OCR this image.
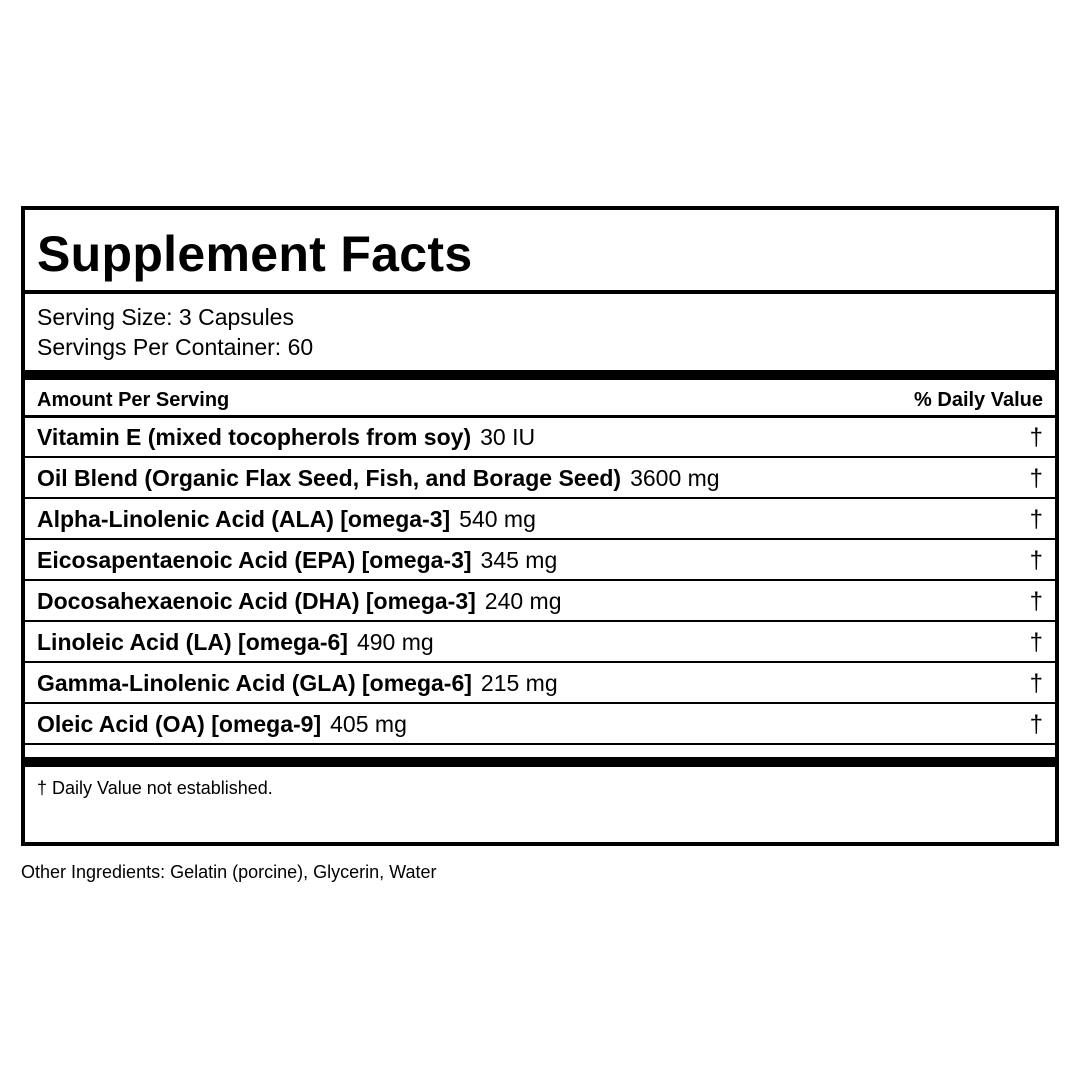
Supplement Facts
Serving Size: 3 Capsules
Servings Per Container: 60
Amount Per Serving	% Daily Value
Vitamin E (mixed tocopherols from soy) 30 IU	†
Oil Blend (Organic Flax Seed, Fish, and Borage Seed) 3600 mg	†
Alpha-Linolenic Acid (ALA) [omega-3] 540 mg	†
Eicosapentaenoic Acid (EPA) [omega-3] 345 mg	†
Docosahexaenoic Acid (DHA) [omega-3] 240 mg	†
Linoleic Acid (LA) [omega-6] 490 mg	†
Gamma-Linolenic Acid (GLA) [omega-6] 215 mg	†
Oleic Acid (OA) [omega-9] 405 mg	†
† Daily Value not established.
Other Ingredients: Gelatin (porcine), Glycerin, Water
